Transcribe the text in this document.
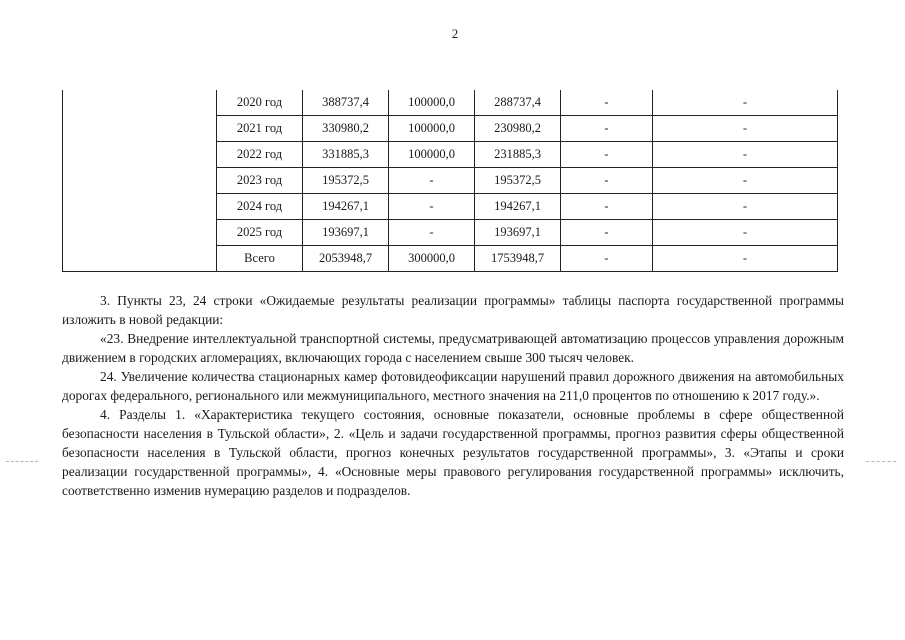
2
	2020 год	388737,4	100000,0	288737,4	-	-
	2021 год	330980,2	100000,0	230980,2	-	-
	2022 год	331885,3	100000,0	231885,3	-	-
	2023 год	195372,5	-	195372,5	-	-
	2024 год	194267,1	-	194267,1	-	-
	2025 год	193697,1	-	193697,1	-	-
	Всего	2053948,7	300000,0	1753948,7	-	-

3. Пункты 23, 24 строки «Ожидаемые результаты реализации программы» таблицы паспорта государственной программы изложить в новой редакции:

«23. Внедрение интеллектуальной транспортной системы, предусматривающей автоматизацию процессов управления дорожным движением в городских агломерациях, включающих города с населением свыше 300 тысяч человек.

24. Увеличение количества стационарных камер фотовидеофиксации нарушений правил дорожного движения на автомобильных дорогах федерального, регионального или межмуниципального, местного значения на 211,0 процентов по отношению к 2017 году.».

4. Разделы 1. «Характеристика текущего состояния, основные показатели, основные проблемы в сфере общественной безопасности населения в Тульской области», 2. «Цель и задачи государственной программы, прогноз развития сферы общественной безопасности населения в Тульской области, прогноз конечных результатов государственной программы», 3. «Этапы и сроки реализации государственной программы», 4. «Основные меры правового регулирования государственной программы» исключить, соответственно изменив нумерацию разделов и подразделов.
